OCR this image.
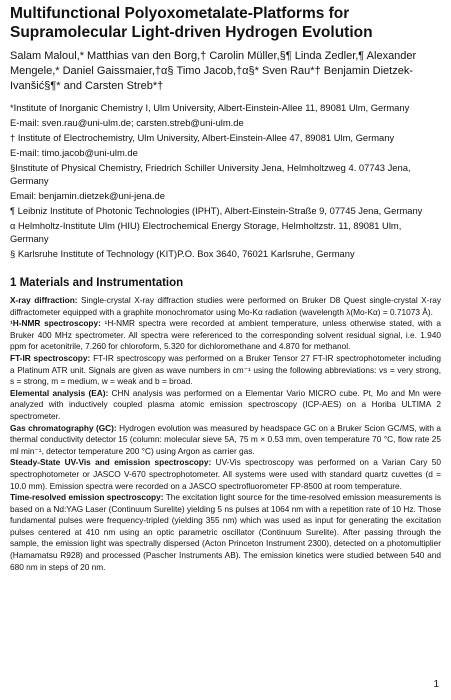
Multifunctional Polyoxometalate-Platforms for Supramolecular Light-driven Hydrogen Evolution
Salam Maloul,* Matthias van den Borg,† Carolin Müller,§¶ Linda Zedler,¶ Alexander Mengele,* Daniel Gaissmaier,†α§ Timo Jacob,†α§* Sven Rau*† Benjamin Dietzek-Ivanšić§¶* and Carsten Streb*†

*Institute of Inorganic Chemistry I, Ulm University, Albert-Einstein-Allee 11, 89081 Ulm, Germany

E-mail: sven.rau@uni-ulm.de; carsten.streb@uni-ulm.de

† Institute of Electrochemistry, Ulm University, Albert-Einstein-Allee 47, 89081 Ulm, Germany

E-mail: timo.jacob@uni-ulm.de

§Institute of Physical Chemistry, Friedrich Schiller University Jena, Helmholtzweg 4. 07743 Jena, Germany

Email: benjamin.dietzek@uni-jena.de

¶ Leibniz Institute of Photonic Technologies (IPHT), Albert-Einstein-Straße 9, 07745 Jena, Germany

α Helmholtz-Institute Ulm (HIU) Electrochemical Energy Storage, Helmholtzstr. 11, 89081 Ulm, Germany

§ Karlsruhe Institute of Technology (KIT)P.O. Box 3640, 76021 Karlsruhe, Germany

1 Materials and Instrumentation

X-ray diffraction: Single-crystal X-ray diffraction studies were performed on Bruker D8 Quest single-crystal X-ray diffractometer equipped with a graphite monochromator using Mo-Kα radiation (wavelength λ(Mo-Kα) = 0.71073 Å).

¹H-NMR spectroscopy: ¹H-NMR spectra were recorded at ambient temperature, unless otherwise stated, with a Bruker 400 MHz spectrometer. All spectra were referenced to the corresponding solvent residual signal, i.e. 1.940 ppm for acetonitrile, 7.260 for chloroform, 5.320 for dichloromethane and 4.870 for methanol.

FT-IR spectroscopy: FT-IR spectroscopy was performed on a Bruker Tensor 27 FT-IR spectrophotometer including a Platinum ATR unit. Signals are given as wave numbers in cm⁻¹ using the following abbreviations: vs = very strong, s = strong, m = medium, w = weak and b = broad.

Elemental analysis (EA): CHN analysis was performed on a Elementar Vario MICRO cube. Pt, Mo and Mn were analyzed with inductively coupled plasma atomic emission spectroscopy (ICP-AES) on a Horiba ULTIMA 2 spectrometer.

Gas chromatography (GC): Hydrogen evolution was measured by headspace GC on a Bruker Scion GC/MS, with a thermal conductivity detector 15 (column: molecular sieve 5A, 75 m × 0.53 mm, oven temperature 70 °C, flow rate 25 ml min⁻¹, detector temperature 200 °C) using Argon as carrier gas.

Steady-State UV-Vis and emission spectroscopy: UV-Vis spectroscopy was performed on a Varian Cary 50 spectrophotometer or JASCO V-670 spectrophotometer. All systems were used with standard quartz cuvettes (d = 10.0 mm). Emission spectra were recorded on a JASCO spectrofluorometer FP-8500 at room temperature.

Time-resolved emission spectroscopy: The excitation light source for the time-resolved emission measurements is based on a Nd:YAG Laser (Continuum Surelite) yielding 5 ns pulses at 1064 nm with a repetition rate of 10 Hz. Those fundamental pulses were frequency-tripled (yielding 355 nm) which was used as input for generating the excitation pulses centered at 410 nm using an optic parametric oscillator (Continuum Surelite). After passing through the sample, the emission light was spectrally dispersed (Acton Princeton Instrument 2300), detected on a photomultiplier (Hamamatsu R928) and processed (Pascher Instruments AB). The emission kinetics were studied between 540 and 680 nm in steps of 20 nm.

1
